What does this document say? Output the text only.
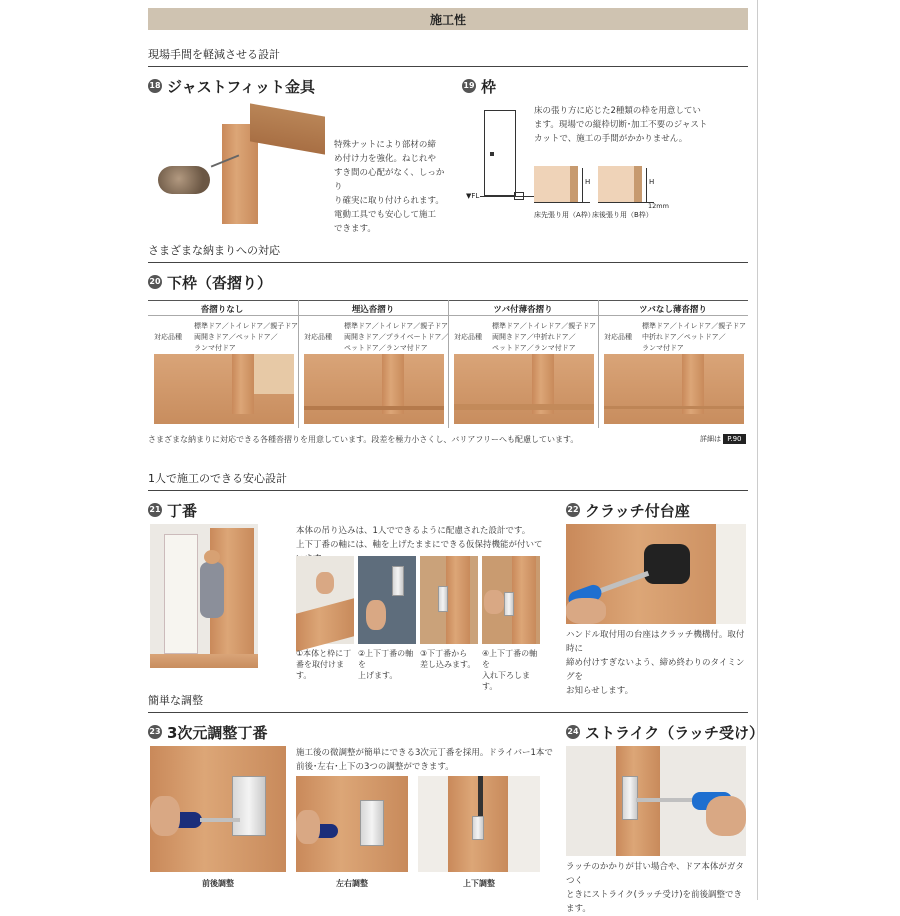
施工性
現場手間を軽減させる設計
18 ジャストフィット金具
特殊ナットにより部材の締
め付け力を強化。ねじれや
すき間の心配がなく、しっかり
り確実に取り付けられます。
電動工具でも安心して施工
できます。
19 枠
▼FL
床の張り方に応じた2種類の枠を用意してい
ます。現場での縦枠切断･加工不要のジャスト
カットで、施工の手間がかかりません。
H	H
12mm
床先張り用（A枠）
床後張り用（B枠）
さまざまな納まりへの対応
20 下枠（沓摺り）
沓摺りなし
対応品種
標準ドア／トイレドア／親子ドア
両開きドア／ペットドア／
ランマ付ドア
埋込沓摺り
対応品種
標準ドア／トイレドア／親子ドア
両開きドア／プライベートドア／
ペットドア／ランマ付ドア
ツバ付薄沓摺り
対応品種
標準ドア／トイレドア／親子ドア
両開きドア／中折れドア／
ペットドア／ランマ付ドア
ツバなし薄沓摺り
対応品種
標準ドア／トイレドア／親子ドア
中折れドア／ペットドア／
ランマ付ドア
さまざまな納まりに対応できる各種沓摺りを用意しています。段差を極力小さくし、バリアフリーへも配慮しています。	詳細は P.90
1人で施工のできる安心設計
21 丁番
本体の吊り込みは、1人でできるように配慮された設計です。
上下丁番の軸には、軸を上げたままにできる仮保持機能が付いて
①本体と枠に丁
番を取付けます。
②上下丁番の軸を
上げます。
③下丁番から
差し込みます。
④上下丁番の軸を
入れ下ろします。
22 クラッチ付台座
ハンドル取付用の台座はクラッチ機構付。取付時に
締め付けすぎないよう、締め終わりのタイミングを
お知らせします。
簡単な調整
23 3次元調整丁番
施工後の微調整が簡単にできる3次元丁番を採用。ドライバー1本で
前後･左右･上下の3つの調整ができます。
前後調整	左右調整	上下調整
24 ストライク（ラッチ受け）
ラッチのかかりが甘い場合や、ドア本体がガタつく
ときにストライク(ラッチ受け)を前後調整できます。
